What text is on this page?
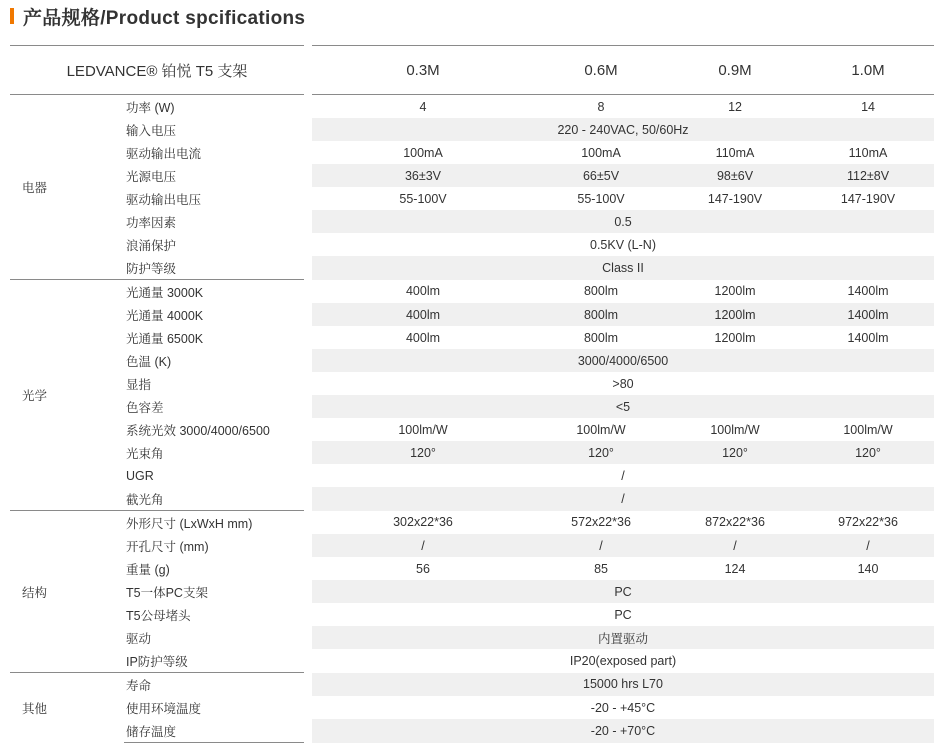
产品规格/Product spcifications
LEDVANCE® 铂悦 T5 支架			0.3M	0.6M	0.9M	1.0M	
电器	功率 (W)		4	8	12	14	
	输入电压		220 - 240VAC, 50/60Hz				
	驱动输出电流		100mA	100mA	110mA	110mA	
	光源电压		36±3V	66±5V	98±6V	112±8V	
	驱动输出电压		55-100V	55-100V	147-190V	147-190V	
	功率因素		0.5				
	浪涌保护		0.5KV (L-N)				
	防护等级		Class II				
光学	光通量 3000K		400lm	800lm	1200lm	1400lm	
	光通量 4000K		400lm	800lm	1200lm	1400lm	
	光通量 6500K		400lm	800lm	1200lm	1400lm	
	色温 (K)		3000/4000/6500				
	显指		>80				
	色容差		<5				
	系统光效 3000/4000/6500		100lm/W	100lm/W	100lm/W	100lm/W	
	光束角		120°	120°	120°	120°	
	UGR		/				
	截光角		/				
结构	外形尺寸 (LxWxH mm)		302x22*36	572x22*36	872x22*36	972x22*36	
	开孔尺寸 (mm)		/	/	/	/	
	重量 (g)		56	85	124	140	
	T5一体PC支架		PC				
	T5公母堵头		PC				
	驱动		内置驱动				
	IP防护等级		IP20(exposed part)				
其他	寿命		15000 hrs L70				
	使用环境温度		-20 - +45°C				
	储存温度		-20 - +70°C				
